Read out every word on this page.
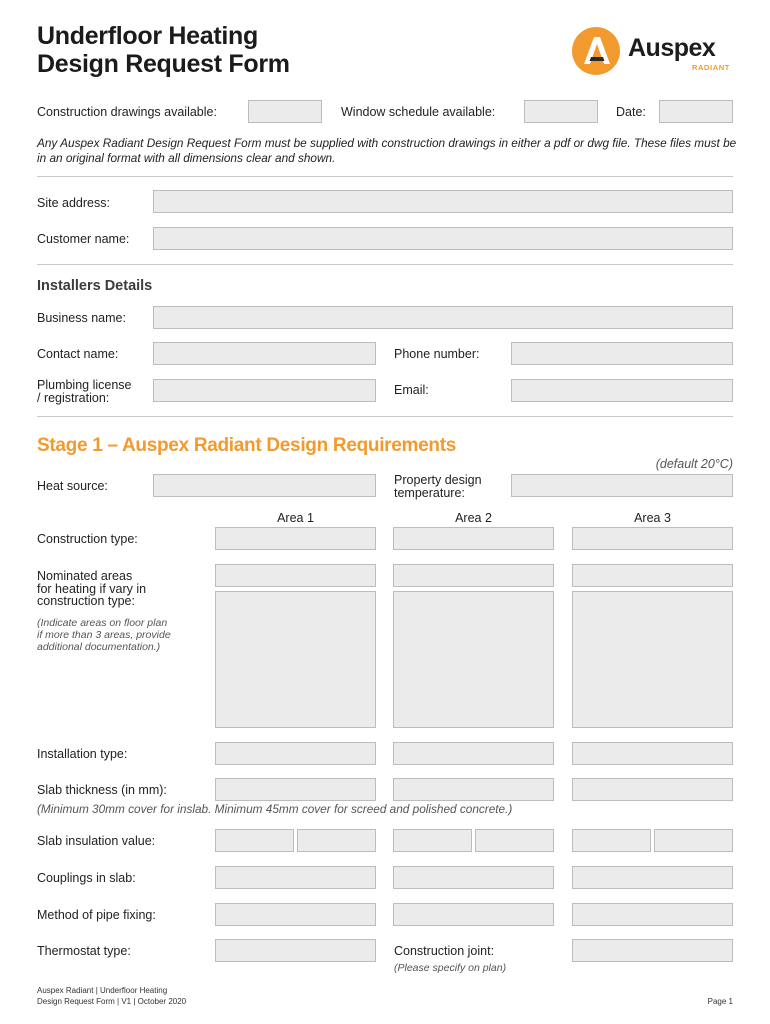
Underfloor Heating
Design Request Form
Auspex
RADIANT
Construction drawings available:	Window schedule available:	Date:
Any Auspex Radiant Design Request Form must be supplied with construction drawings in either a pdf or dwg file. These files must be in an original format with all dimensions clear and shown.
Site address:
Customer name:
Installers Details
Business name:
Contact name:	Phone number:
Plumbing license
/ registration:
Email:
Stage 1 – Auspex Radiant Design Requirements
(default 20°C)
Heat source:	Property design
temperature:
Area 1	Area 2	Area 3
Construction type:
Nominated areas
for heating if vary in
construction type:
(Indicate areas on floor plan
if more than 3 areas, provide
additional documentation.)
Installation type:
Slab thickness (in mm):
(Minimum 30mm cover for inslab. Minimum 45mm cover for screed and polished concrete.)
Slab insulation value:
Couplings in slab:
Method of pipe fixing:
Thermostat type:	Construction joint:
(Please specify on plan)
Auspex Radiant | Underfloor Heating
Design Request Form | V1 | October 2020	Page 1
